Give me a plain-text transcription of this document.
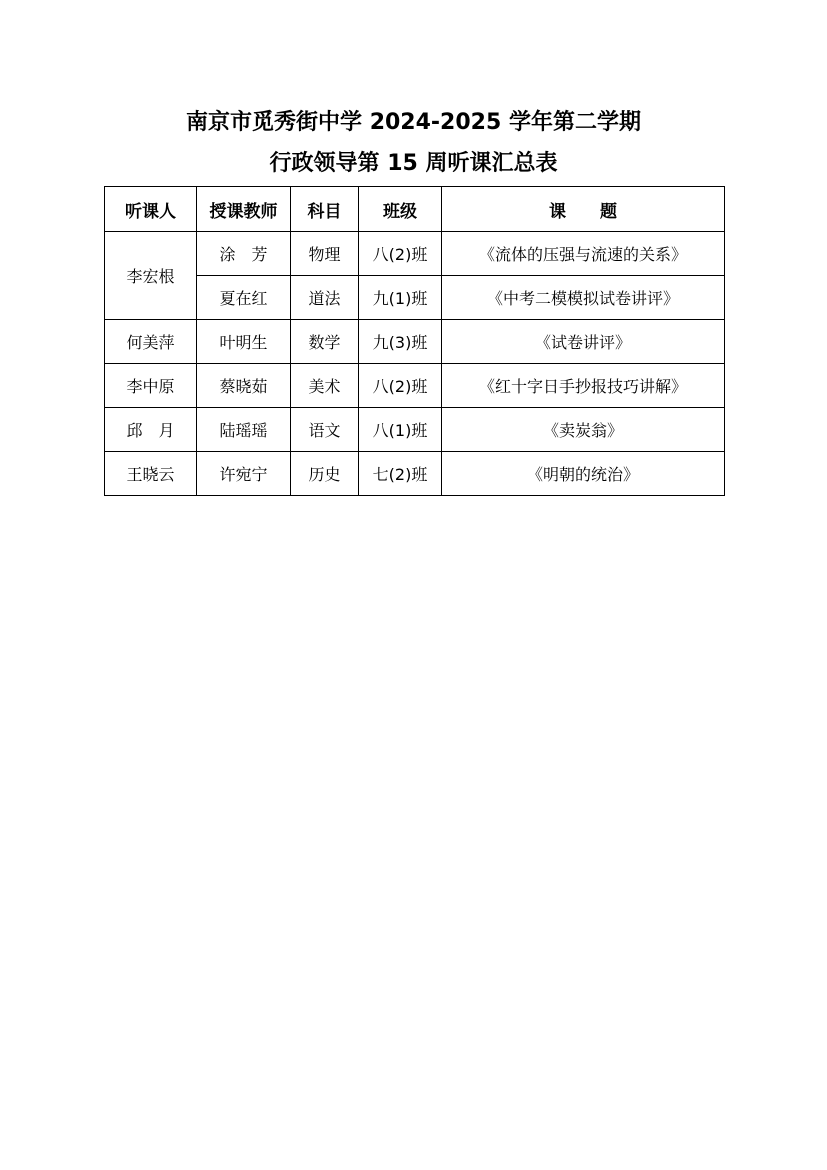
南京市觅秀街中学 2024-2025 学年第二学期
行政领导第 15 周听课汇总表
听课人	授课教师	科目	班级	课　　题
李宏根	涂　芳	物理	八(2)班	《流体的压强与流速的关系》
	夏在红	道法	九(1)班	《中考二模模拟试卷讲评》
何美萍	叶明生	数学	九(3)班	《试卷讲评》
李中原	蔡晓茹	美术	八(2)班	《红十字日手抄报技巧讲解》
邱　月	陆瑶瑶	语文	八(1)班	《卖炭翁》
王晓云	许宛宁	历史	七(2)班	《明朝的统治》
